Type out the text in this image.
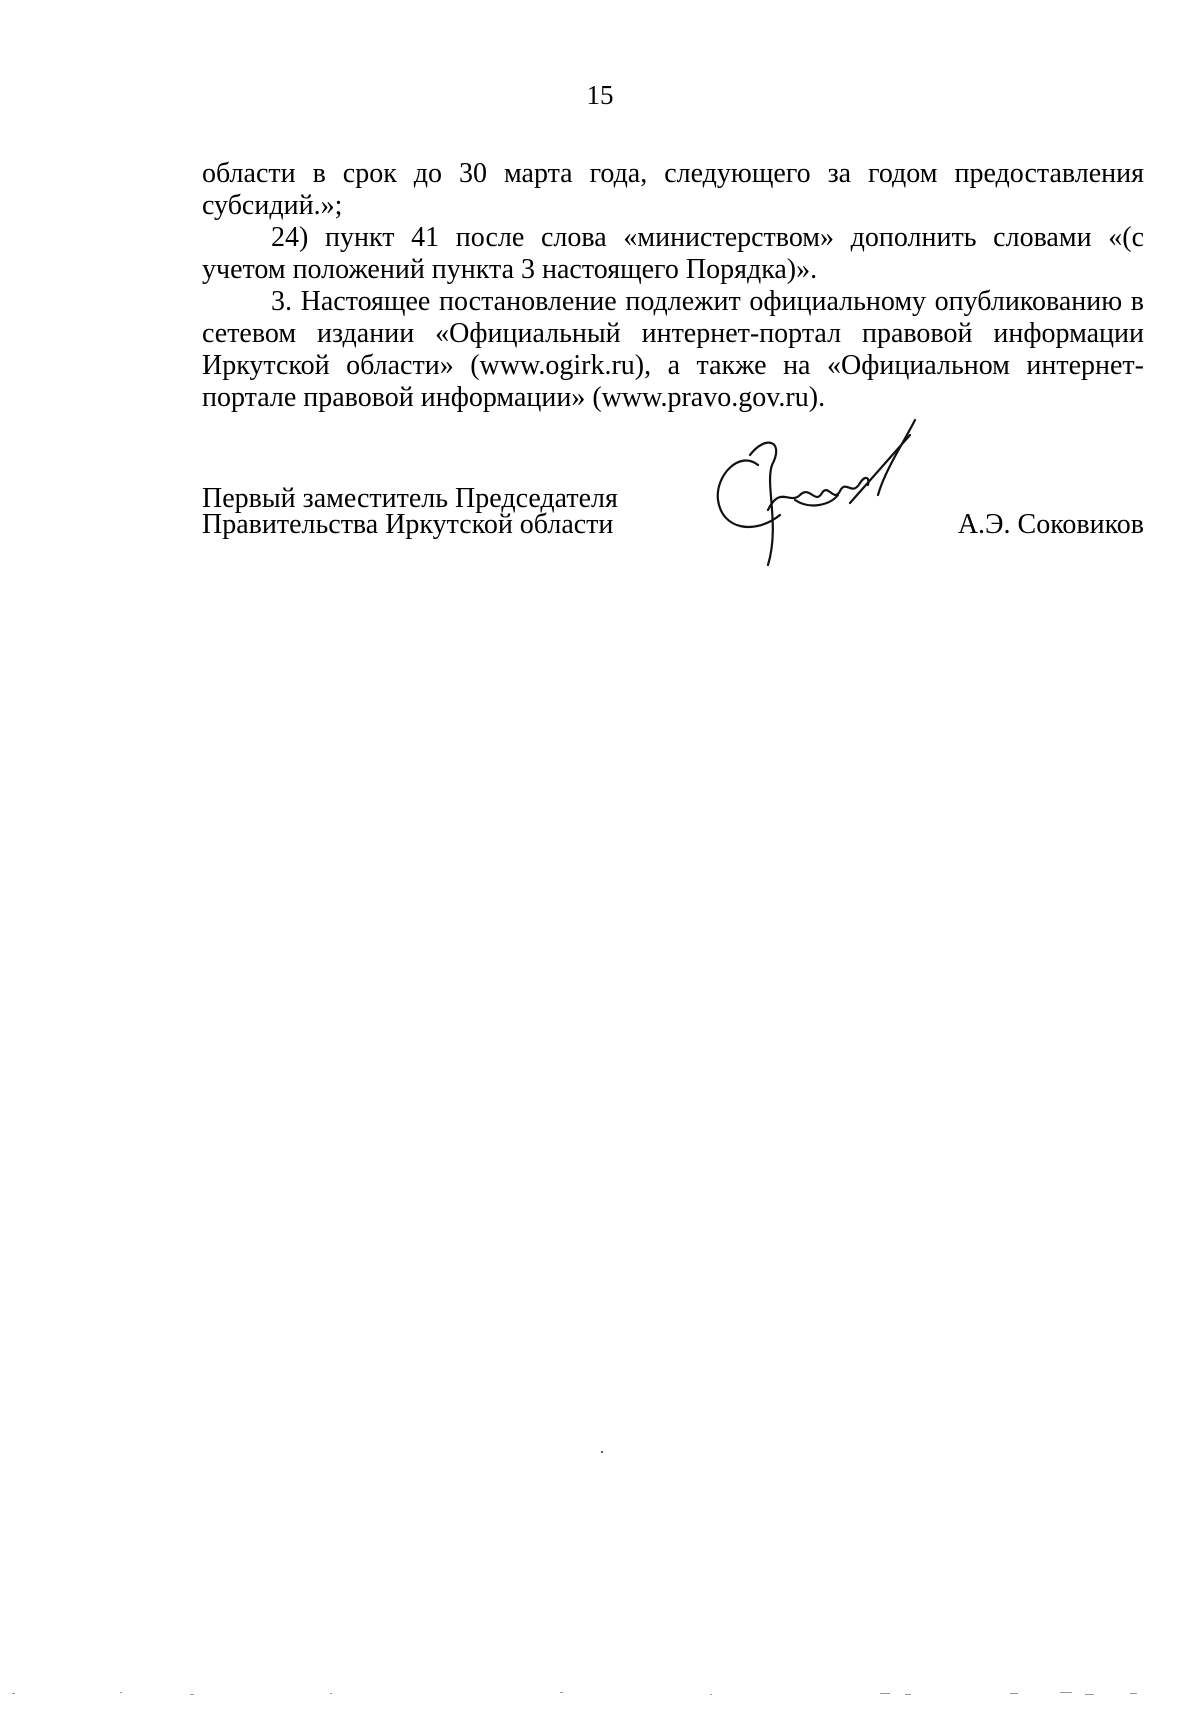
15

области в срок до 30 марта года, следующего за годом предоставления субсидий.»;

24) пункт 41 после слова «министерством» дополнить словами «(с учетом положений пункта 3 настоящего Порядка)».

3. Настоящее постановление подлежит официальному опубликованию в сетевом издании «Официальный интернет-портал правовой информации Иркутской области» (www.ogirk.ru), а также на «Официальном интернет-портале правовой информации» (www.pravo.gov.ru).

Первый заместитель Председателя
Правительства Иркутской области	А.Э. Соковиков
